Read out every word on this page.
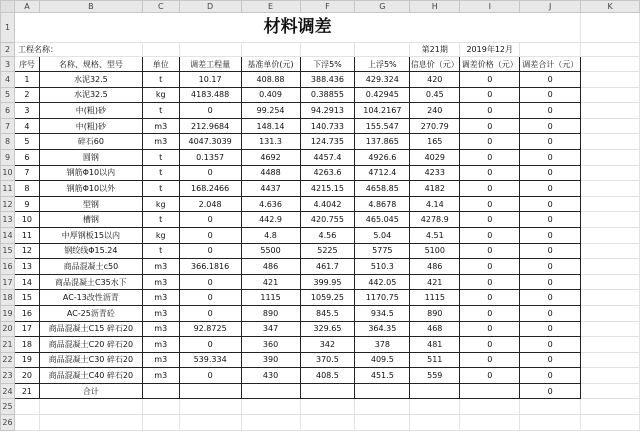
	A	B	C	D	E	F	G	H	I	J	K
1	材料调差										
2	工程名称：							第21期	2019年12月		
3	序号	名称、规格、型号	单位	调差工程量	基准单价(元)	下浮5%	上浮5%	信息价（元）	调差价格（元）	调差合计（元）	
4	1	水泥32.5	t	10.17	408.88	388.436	429.324	420	0	0	
5	2	水泥32.5	kg	4183.488	0.409	0.38855	0.42945	0.45	0	0	
6	3	中(粗)砂	t	0	99.254	94.2913	104.2167	240	0	0	
7	4	中(粗)砂	m3	212.9684	148.14	140.733	155.547	270.79	0	0	
8	5	碎石60	m3	4047.3039	131.3	124.735	137.865	165	0	0	
9	6	圆钢	t	0.1357	4692	4457.4	4926.6	4029	0	0	
10	7	钢筋Φ10以内	t	0	4488	4263.6	4712.4	4233	0	0	
11	8	钢筋Φ10以外	t	168.2466	4437	4215.15	4658.85	4182	0	0	
12	9	型钢	kg	2.048	4.636	4.4042	4.8678	4.14	0	0	
13	10	槽钢	t	0	442.9	420.755	465.045	4278.9	0	0	
14	11	中厚钢板15以内	kg	0	4.8	4.56	5.04	4.51	0	0	
15	12	钢绞线Φ15.24	t	0	5500	5225	5775	5100	0	0	
16	13	商品混凝土c50	m3	366.1816	486	461.7	510.3	486	0	0	
17	14	商品混凝土C35水下	m3	0	421	399.95	442.05	421	0	0	
18	15	AC-13改性沥青	m3	0	1115	1059.25	1170.75	1115	0	0	
19	16	AC-25沥青砼	m3	0	890	845.5	934.5	890	0	0	
20	17	商品混凝土C15 碎石20	m3	92.8725	347	329.65	364.35	468	0	0	
21	18	商品混凝土C20 碎石20	m3	0	360	342	378	481	0	0	
22	19	商品混凝土C30 碎石20	m3	539.334	390	370.5	409.5	511	0	0	
23	20	商品混凝土C40 碎石20	m3	0	430	408.5	451.5	559	0	0	
24	21	合计								0	
25											
26											
